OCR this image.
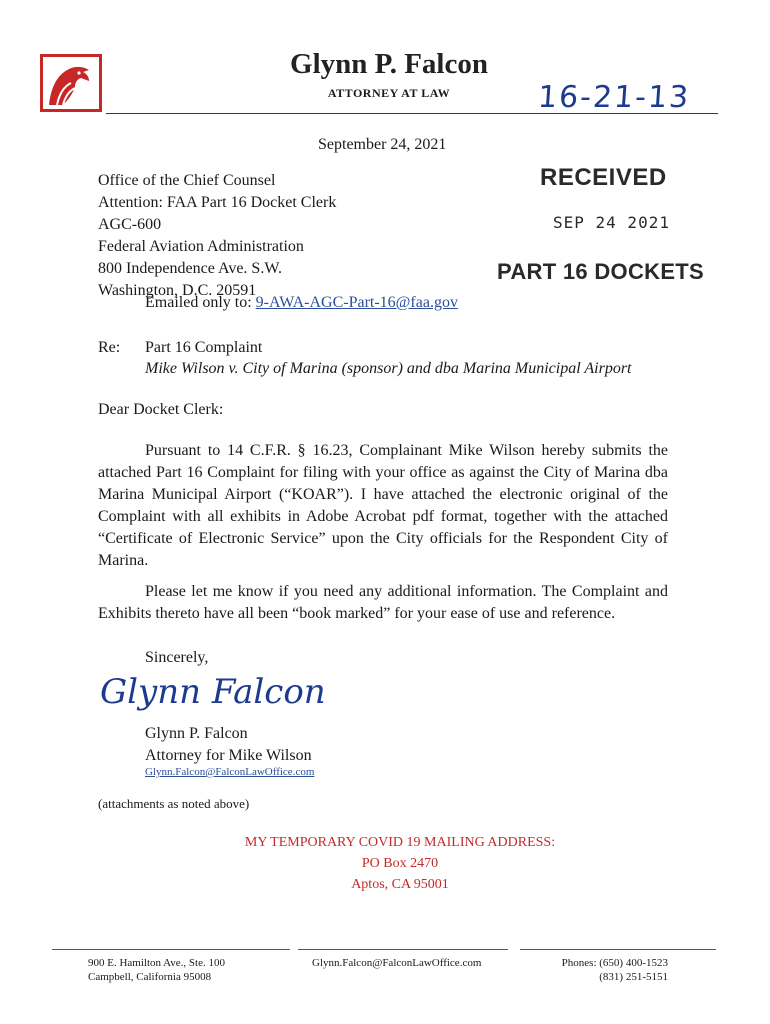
Glynn P. Falcon
ATTORNEY AT LAW	16-21-13
September 24, 2021
Office of the Chief Counsel
Attention: FAA Part 16 Docket Clerk
AGC-600
Federal Aviation Administration
800 Independence Ave. S.W.
Washington, D.C. 20591
Emailed only to: 9-AWA-AGC-Part-16@faa.gov
RECEIVED
SEP 24 2021
PART 16 DOCKETS
Re: Part 16 Complaint
Mike Wilson v. City of Marina (sponsor) and dba Marina Municipal Airport
Dear Docket Clerk:
Pursuant to 14 C.F.R. § 16.23, Complainant Mike Wilson hereby submits the attached Part 16 Complaint for filing with your office as against the City of Marina dba Marina Municipal Airport (“KOAR”). I have attached the electronic original of the Complaint with all exhibits in Adobe Acrobat pdf format, together with the attached “Certificate of Electronic Service” upon the City officials for the Respondent City of Marina.
Please let me know if you need any additional information. The Complaint and Exhibits thereto have all been “book marked” for your ease of use and reference.
Sincerely,
Glynn Falcon
Glynn P. Falcon
Attorney for Mike Wilson
Glynn.Falcon@FalconLawOffice.com
(attachments as noted above)
MY TEMPORARY COVID 19 MAILING ADDRESS:
PO Box 2470
Aptos, CA 95001
900 E. Hamilton Ave., Ste. 100
Campbell, California 95008
Glynn.Falcon@FalconLawOffice.com	Phones: (650) 400-1523
(831) 251-5151
